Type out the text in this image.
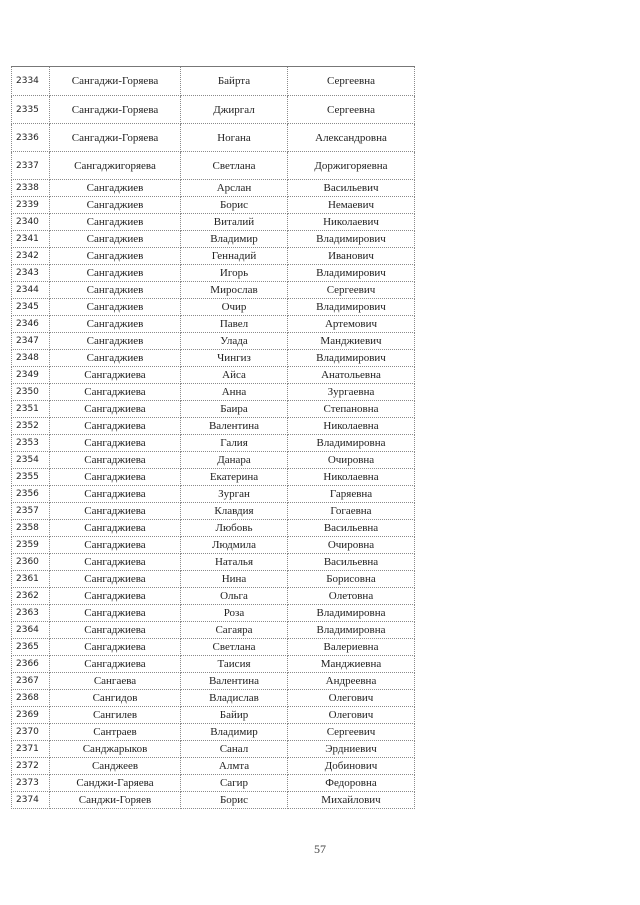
2334	Сангаджи-Горяева	Байрта	Сергеевна
2335	Сангаджи-Горяева	Джиргал	Сергеевна
2336	Сангаджи-Горяева	Ногана	Александровна
2337	Сангаджигоряева	Светлана	Доржигоряевна
2338	Сангаджиев	Арслан	Васильевич
2339	Сангаджиев	Борис	Немаевич
2340	Сангаджиев	Виталий	Николаевич
2341	Сангаджиев	Владимир	Владимирович
2342	Сангаджиев	Геннадий	Иванович
2343	Сангаджиев	Игорь	Владимирович
2344	Сангаджиев	Мирослав	Сергеевич
2345	Сангаджиев	Очир	Владимирович
2346	Сангаджиев	Павел	Артемович
2347	Сангаджиев	Улада	Манджиевич
2348	Сангаджиев	Чингиз	Владимирович
2349	Сангаджиева	Айса	Анатольевна
2350	Сангаджиева	Анна	Зургаевна
2351	Сангаджиева	Баира	Степановна
2352	Сангаджиева	Валентина	Николаевна
2353	Сангаджиева	Галия	Владимировна
2354	Сангаджиева	Данара	Очировна
2355	Сангаджиева	Екатерина	Николаевна
2356	Сангаджиева	Зурган	Гаряевна
2357	Сангаджиева	Клавдия	Гогаевна
2358	Сангаджиева	Любовь	Васильевна
2359	Сангаджиева	Людмила	Очировна
2360	Сангаджиева	Наталья	Васильевна
2361	Сангаджиева	Нина	Борисовна
2362	Сангаджиева	Ольга	Олетовна
2363	Сангаджиева	Роза	Владимировна
2364	Сангаджиева	Сагаяра	Владимировна
2365	Сангаджиева	Светлана	Валериевна
2366	Сангаджиева	Таисия	Манджиевна
2367	Сангаева	Валентина	Андреевна
2368	Сангидов	Владислав	Олегович
2369	Сангилев	Байир	Олегович
2370	Сантраев	Владимир	Сергеевич
2371	Санджарыков	Санал	Эрдниевич
2372	Санджеев	Алмта	Добинович
2373	Санджи-Гаряева	Сагир	Федоровна
2374	Санджи-Горяев	Борис	Михайлович
57
